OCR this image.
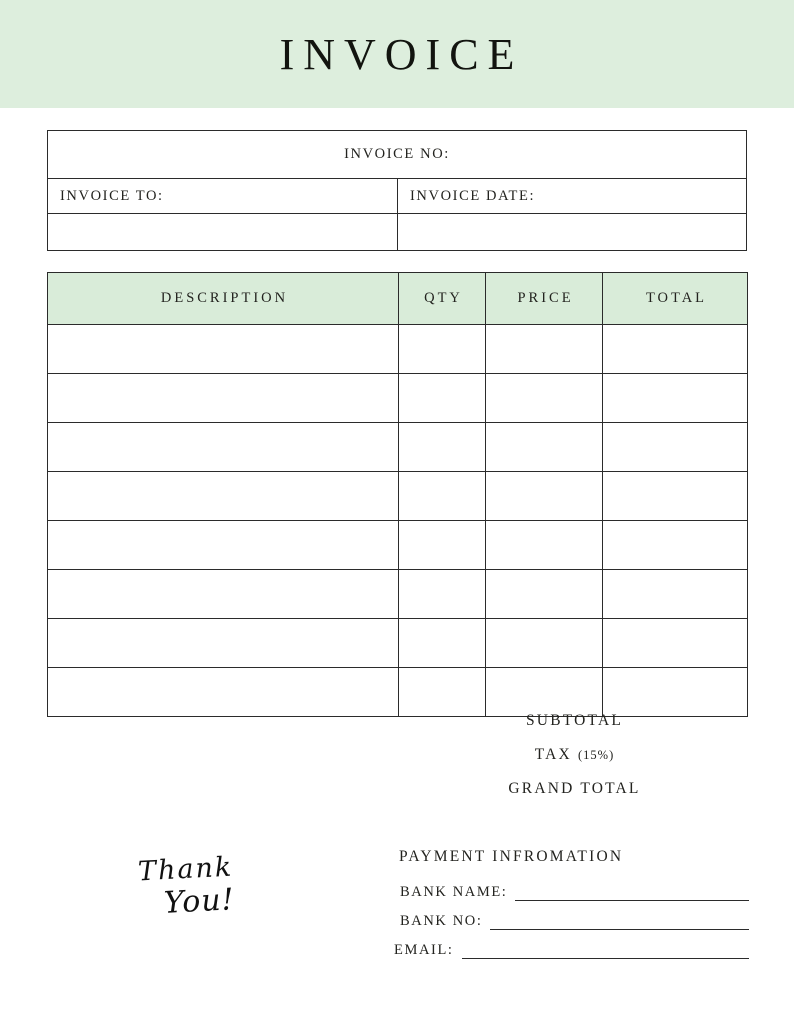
INVOICE
INVOICE NO:
INVOICE TO:	INVOICE DATE:
DESCRIPTION	QTY	PRICE	TOTAL

SUBTOTAL
TAX (15%)
GRAND TOTAL
Thank
You!
PAYMENT INFROMATION
BANK NAME:
BANK NO:
EMAIL:
